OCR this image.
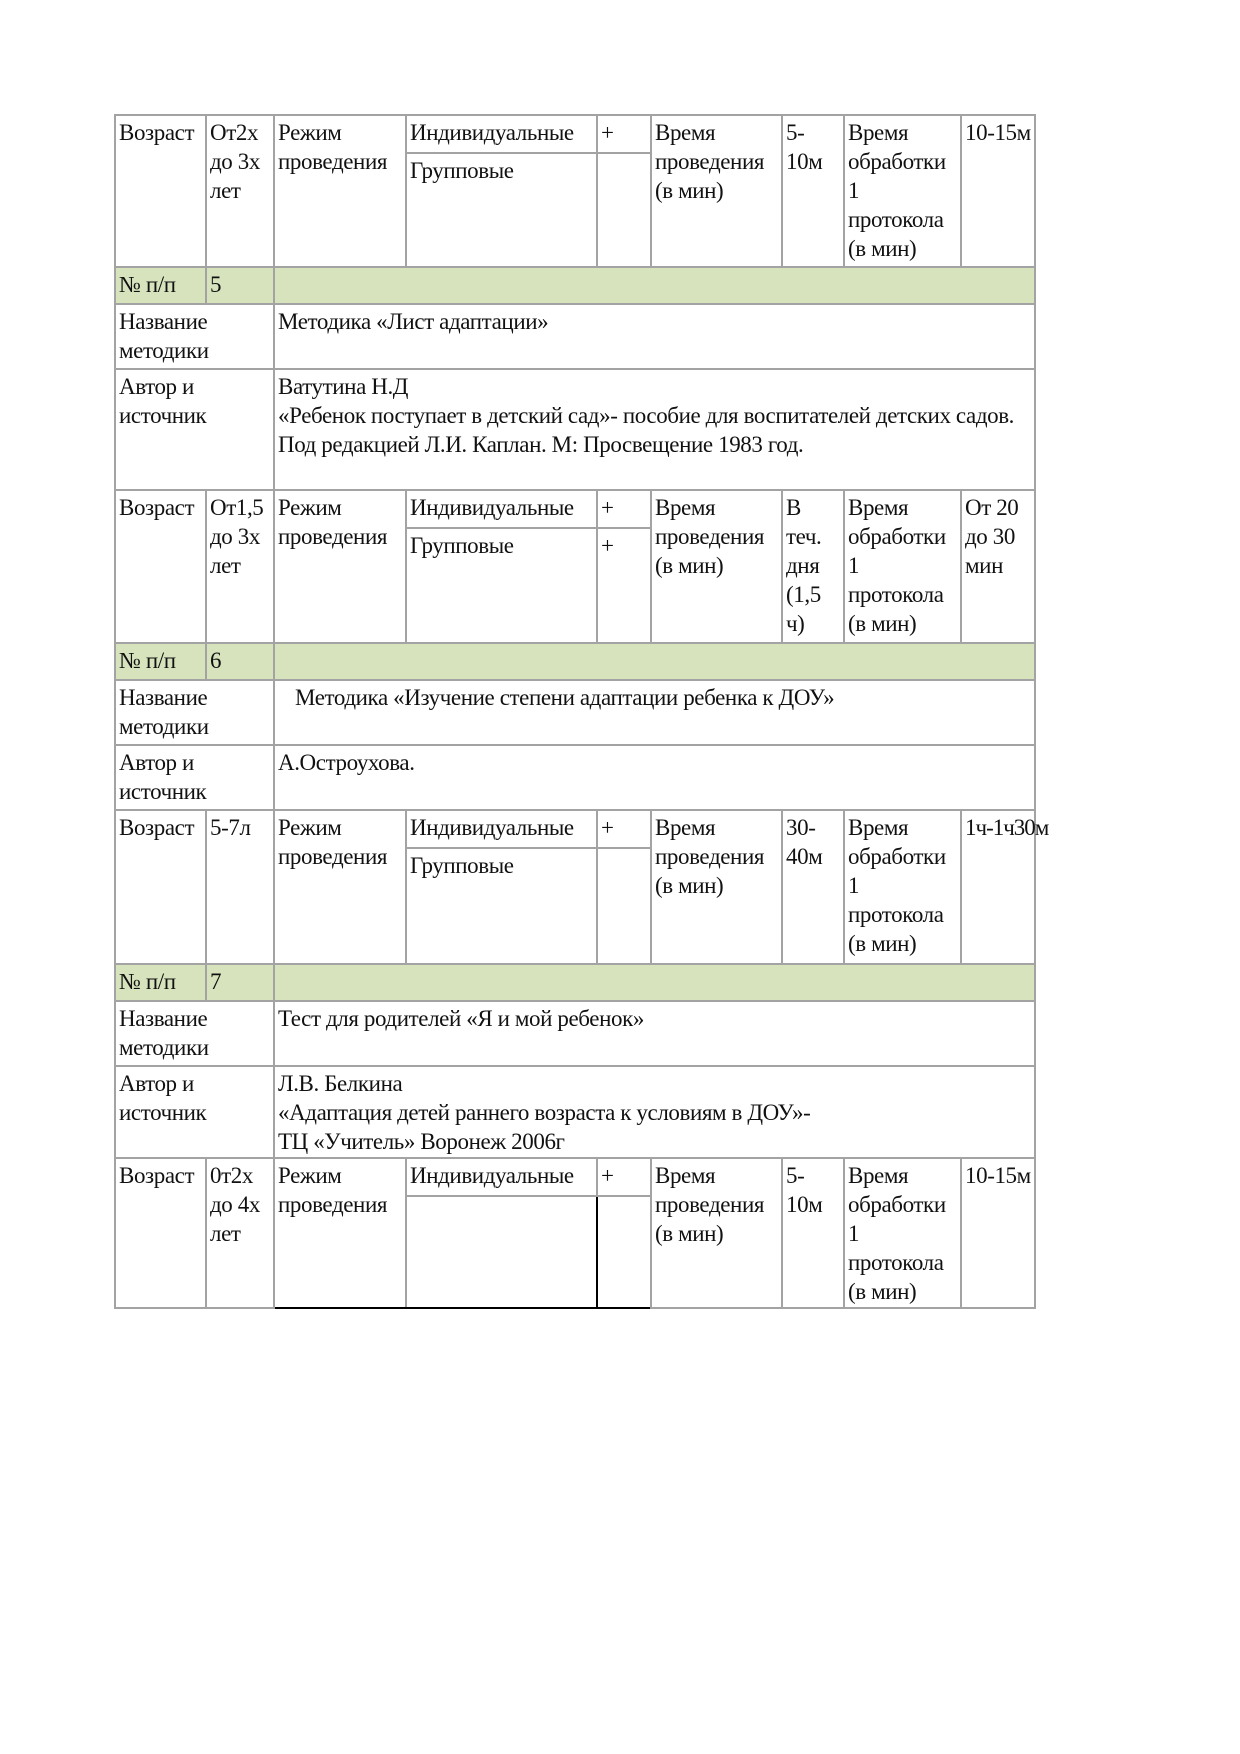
Возраст	От2х до 3х лет	Режим проведения	Индивидуальные	+	Время проведения (в мин)	5-10м	Время обработки 1 протокола (в мин)	10-15м
			Групповые					
№ п/п	5							
Название методики		Методика «Лист адаптации»						
Автор и источник		Ватутина Н.Д
«Ребенок поступает в детский сад»- пособие для воспитателей детских садов. Под редакцией Л.И. Каплан. М: Просвещение 1983 год.						

Возраст	От1,5 до 3х лет	Режим проведения	Индивидуальные	+	Время проведения (в мин)	В теч. дня (1,5 ч)	Время обработки 1 протокола (в мин)	От 20 до 30 мин
			Групповые	+				
№ п/п	6							
Название методики		Методика «Изучение степени адаптации ребенка к ДОУ»						
Автор и источник		А.Остроухова.						

Возраст	5-7л	Режим проведения	Индивидуальные	+	Время проведения (в мин)	30-40м	Время обработки 1 протокола (в мин)	1ч-1ч30м

			Групповые					
№ п/п	7							
Название методики		Тест для родителей «Я и мой ребенок»						
Автор и источник		Л.В. Белкина
«Адаптация детей раннего возраста к условиям в ДОУ»-
ТЦ «Учитель» Воронеж 2006г						

Возраст	0т2х до 4х лет	Режим проведения	Индивидуальные	+	Время проведения (в мин)	5-10м	Время обработки 1 протокола (в мин)	10-15м
